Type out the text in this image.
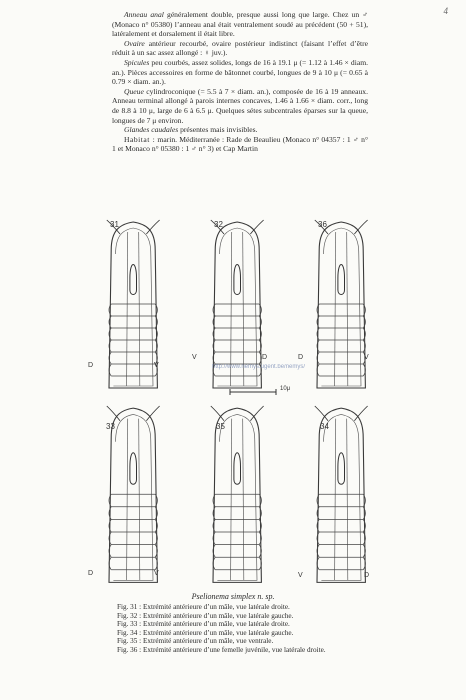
4

Anneau anal généralement double, presque aussi long que large. Chez un ♂ (Monaco n° 05380) l’anneau anal était ventralement soudé au précédent (50 + 51), latéralement et dorsalement il était libre.

Ovaire antérieur recourbé, ovaire postérieur indistinct (faisant l’effet d’être réduit à un sac assez allongé : ♀ juv.).

Spicules peu courbés, assez solides, longs de 16 à 19.1 μ (= 1.12 à 1.46 × diam. an.). Pièces accessoires en forme de bâtonnet courbé, longues de 9 à 10 μ (= 0.65 à 0.79 × diam. an.).

Queue cylindroconique (= 5.5 à 7 × diam. an.), composée de 16 à 19 anneaux. Anneau terminal allongé à parois internes concaves, 1.46 à 1.66 × diam. corr., long de 8.8 à 10 μ, large de 6 à 6.5 μ. Quelques sétes subcentrales éparses sur la queue, longues de 7 μ environ.

Glandes caudales présentes mais invisibles.

Habitat : marin. Méditerranée : Rade de Beaulieu (Monaco n° 04357 : 1 ♂ n° 1 et Monaco n° 05380 : 1 ♂ n° 3) et Cap Martin

31	32	36
33	35	34
D	V
V	D	D	V
D	V	V	D
http://www.nemys.ugent.be/nemys/
10μ
Pselionema simplex n. sp.
Fig. 31 : Extrémité antérieure d’un mâle, vue latérale droite.
Fig. 32 : Extrémité antérieure d’un mâle, vue latérale gauche.
Fig. 33 : Extrémité antérieure d’un mâle, vue latérale droite.
Fig. 34 : Extrémité antérieure d’un mâle, vue latérale gauche.
Fig. 35 : Extrémité antérieure d’un mâle, vue ventrale.
Fig. 36 : Extrémité antérieure d’une femelle juvénile, vue latérale droite.
